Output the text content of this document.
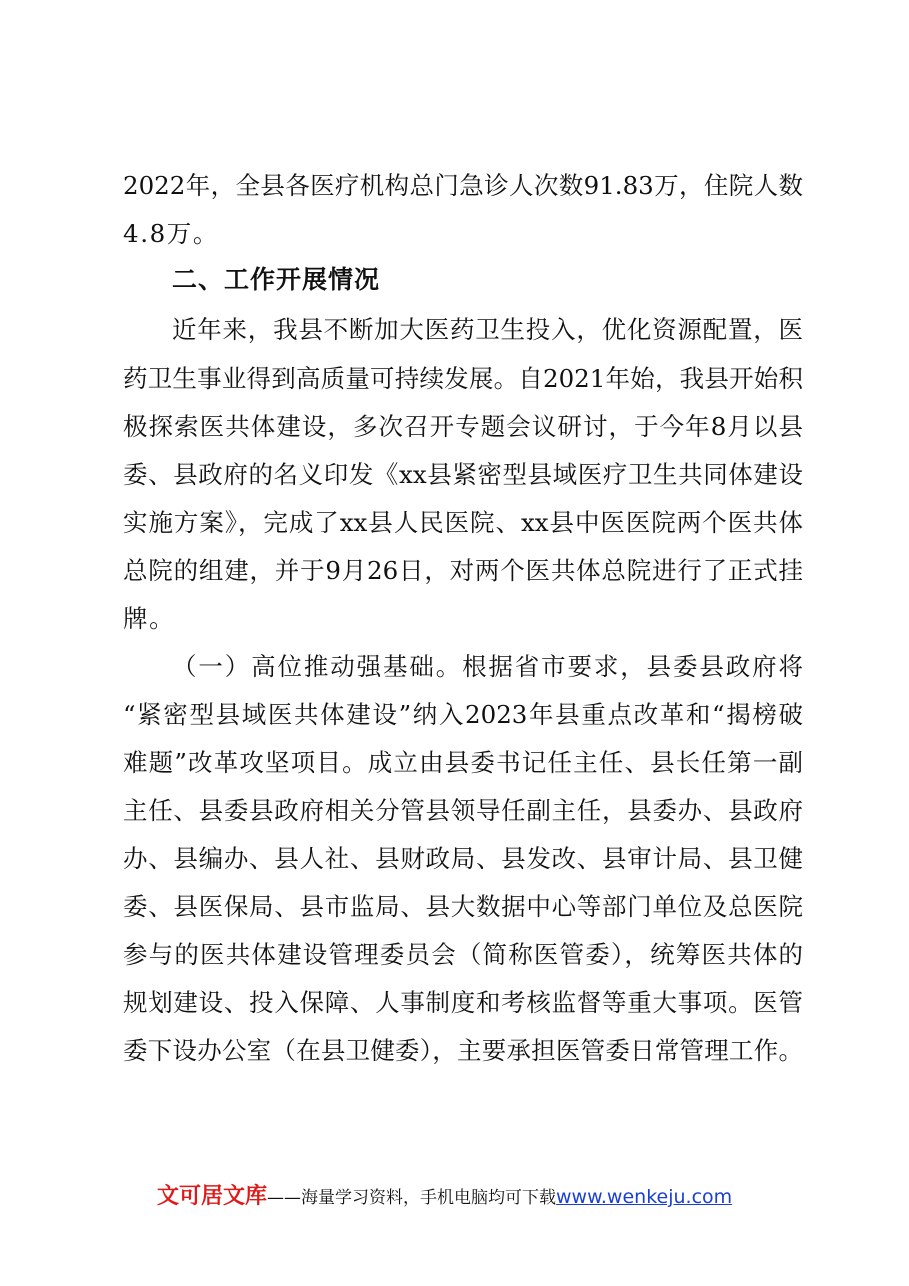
2022年，全县各医疗机构总门急诊人次数91.83万，住院人数
4.8万。
二、工作开展情况
近年来，我县不断加大医药卫生投入，优化资源配置，医
药卫生事业得到高质量可持续发展。自2021年始，我县开始积
极探索医共体建设，多次召开专题会议研讨，于今年8月以县
委、县政府的名义印发《xx县紧密型县域医疗卫生共同体建设
实施方案》，完成了xx县人民医院、xx县中医医院两个医共体
总院的组建，并于9月26日，对两个医共体总院进行了正式挂
牌。
（一）高位推动强基础。根据省市要求，县委县政府将
“紧密型县域医共体建设”纳入2023年县重点改革和“揭榜破
难题”改革攻坚项目。成立由县委书记任主任、县长任第一副
主任、县委县政府相关分管县领导任副主任，县委办、县政府
办、县编办、县人社、县财政局、县发改、县审计局、县卫健
委、县医保局、县市监局、县大数据中心等部门单位及总医院
参与的医共体建设管理委员会（简称医管委），统筹医共体的
规划建设、投入保障、人事制度和考核监督等重大事项。医管
委下设办公室（在县卫健委），主要承担医管委日常管理工作。
文可居文库——海量学习资料，手机电脑均可下载www.wenkeju.com
